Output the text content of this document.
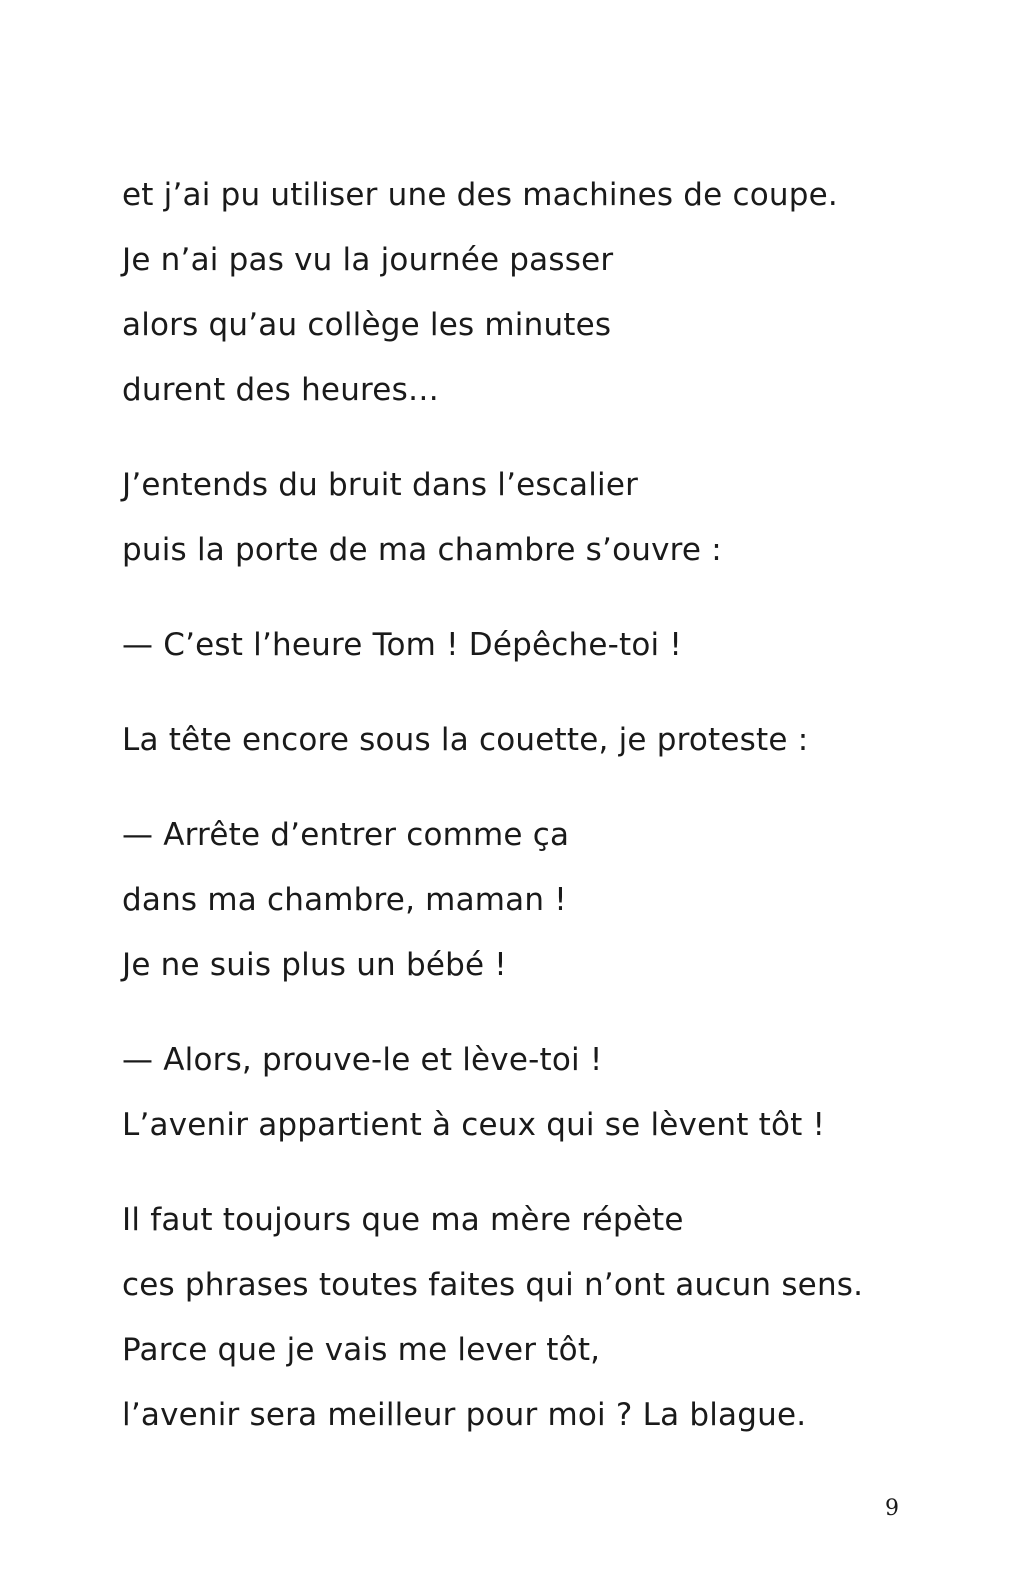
et j’ai pu utiliser une des machines de coupe.
Je n’ai pas vu la journée passer
alors qu’au collège les minutes
durent des heures…
J’entends du bruit dans l’escalier
puis la porte de ma chambre s’ouvre :
— C’est l’heure Tom ! Dépêche-toi !
La tête encore sous la couette, je proteste :
— Arrête d’entrer comme ça
dans ma chambre, maman !
Je ne suis plus un bébé !
— Alors, prouve-le et lève-toi !
L’avenir appartient à ceux qui se lèvent tôt !
Il faut toujours que ma mère répète
ces phrases toutes faites qui n’ont aucun sens.
Parce que je vais me lever tôt,
l’avenir sera meilleur pour moi ? La blague.
9
